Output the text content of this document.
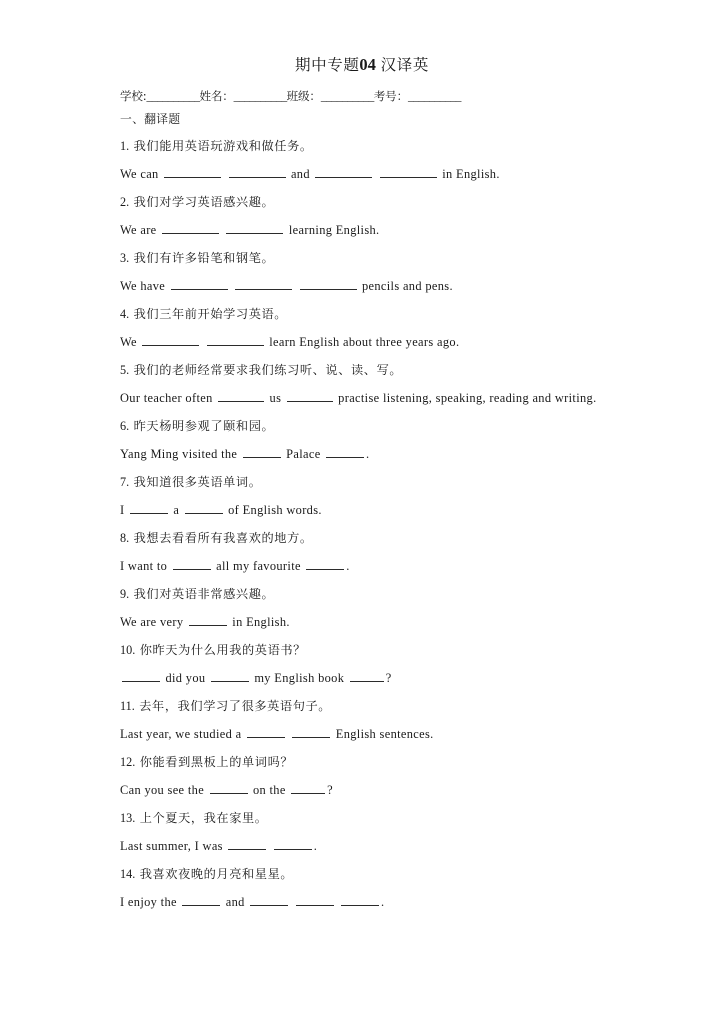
期中专题04 汉译英
学校:__________姓名：__________班级：__________考号：__________
一、翻译题
1. 我们能用英语玩游戏和做任务。
We can	and	in English.
2. 我们对学习英语感兴趣。
We are	learning English.
3. 我们有许多铅笔和钢笔。
We have	pencils and pens.
4. 我们三年前开始学习英语。
We	learn English about three years ago.
5. 我们的老师经常要求我们练习听、说、读、写。
Our teacher often	us	practise listening, speaking, reading and writing.
6. 昨天杨明参观了颐和园。
Yang Ming visited the	Palace	.
7. 我知道很多英语单词。
I	a	of English words.
8. 我想去看看所有我喜欢的地方。
I want to	all my favourite	.
9. 我们对英语非常感兴趣。
We are very	in English.
10. 你昨天为什么用我的英语书？
did you	my English book	?
11. 去年，我们学习了很多英语句子。
Last year, we studied a	English sentences.
12. 你能看到黑板上的单词吗？
Can you see the	on the	?
13. 上个夏天，我在家里。
Last summer, I was	.
14. 我喜欢夜晚的月亮和星星。
I enjoy the	and	.
